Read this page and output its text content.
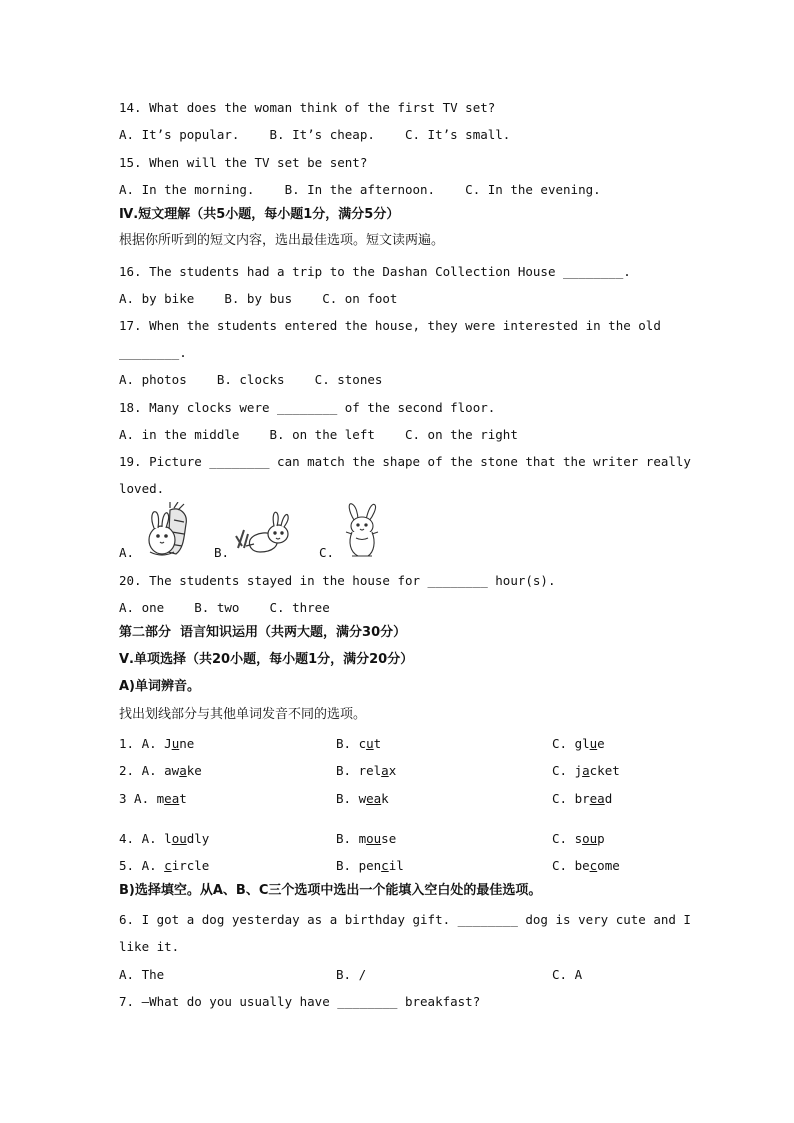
14. What does the woman think of the first TV set?
A. It’s popular.    B. It’s cheap.    C. It’s small.
15. When will the TV set be sent?
A. In the morning.    B. In the afternoon.    C. In the evening.
Ⅳ.短文理解（共5小题，每小题1分，满分5分）
根据你所听到的短文内容，选出最佳选项。短文读两遍。
16. The students had a trip to the Dashan Collection House ________.
A. by bike    B. by bus    C. on foot
17. When the students entered the house, they were interested in the old
________.
A. photos    B. clocks    C. stones
18. Many clocks were ________ of the second floor.
A. in the middle    B. on the left    C. on the right
19. Picture ________ can match the shape of the stone that the writer really
loved.
A.	B.	C.
20. The students stayed in the house for ________ hour(s).
A. one    B. two    C. three
第二部分  语言知识运用（共两大题，满分30分）
Ⅴ.单项选择（共20小题，每小题1分，满分20分）
A)单词辨音。
找出划线部分与其他单词发音不同的选项。
1. A. June	B. cut	C. glue
2. A. awake	B. relax	C. jacket
3 A. meat	B. weak	C. bread
4. A. loudly	B. mouse	C. soup
5. A. circle	B. pencil	C. become
B)选择填空。从A、B、C三个选项中选出一个能填入空白处的最佳选项。
6. I got a dog yesterday as a birthday gift. ________ dog is very cute and I
like it.
A. The	B. /	C. A
7. —What do you usually have ________ breakfast?
